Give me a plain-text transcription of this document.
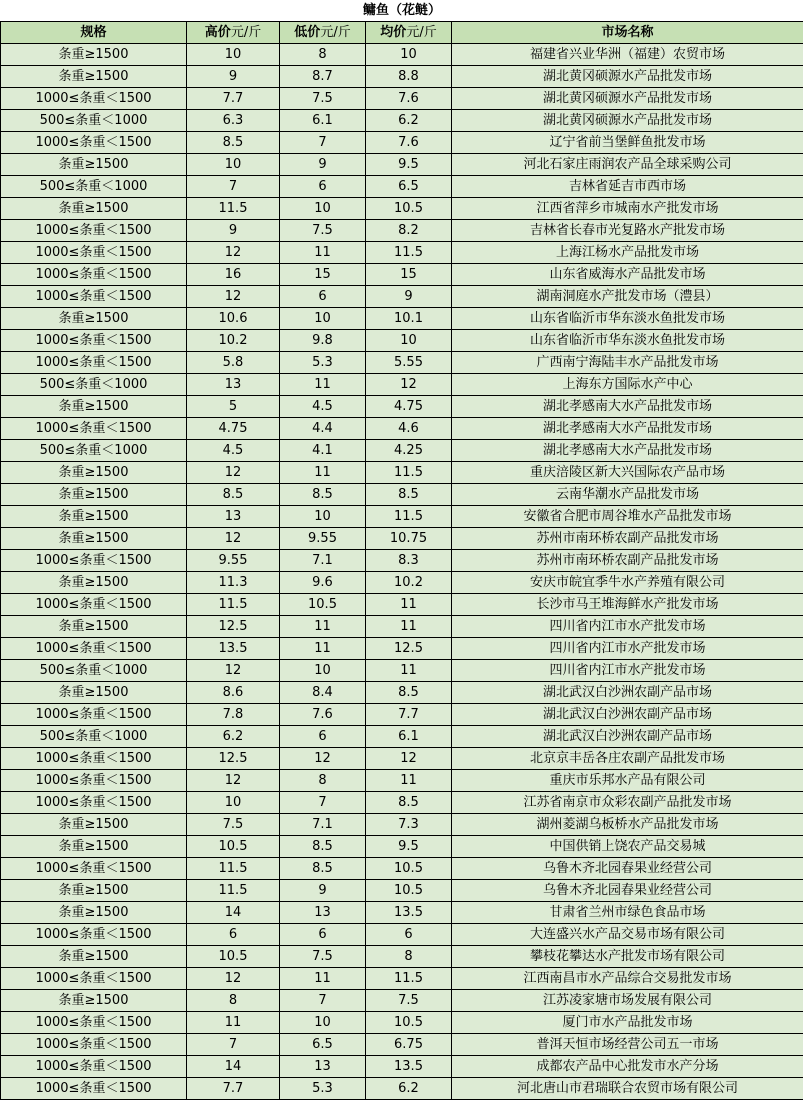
鳙鱼（花鲢）				
规格	高价元/斤	低价元/斤	均价元/斤	市场名称
条重≥1500	10	8	10	福建省兴业华洲（福建）农贸市场
条重≥1500	9	8.7	8.8	湖北黄冈硕源水产品批发市场
1000≤条重＜1500	7.7	7.5	7.6	湖北黄冈硕源水产品批发市场
500≤条重＜1000	6.3	6.1	6.2	湖北黄冈硕源水产品批发市场
1000≤条重＜1500	8.5	7	7.6	辽宁省前当堡鲜鱼批发市场
条重≥1500	10	9	9.5	河北石家庄雨润农产品全球采购公司
500≤条重＜1000	7	6	6.5	吉林省延吉市西市场
条重≥1500	11.5	10	10.5	江西省萍乡市城南水产批发市场
1000≤条重＜1500	9	7.5	8.2	吉林省长春市光复路水产批发市场
1000≤条重＜1500	12	11	11.5	上海江杨水产品批发市场
1000≤条重＜1500	16	15	15	山东省威海水产品批发市场
1000≤条重＜1500	12	6	9	湖南洞庭水产批发市场（澧县）
条重≥1500	10.6	10	10.1	山东省临沂市华东淡水鱼批发市场
1000≤条重＜1500	10.2	9.8	10	山东省临沂市华东淡水鱼批发市场
1000≤条重＜1500	5.8	5.3	5.55	广西南宁海陆丰水产品批发市场
500≤条重＜1000	13	11	12	上海东方国际水产中心
条重≥1500	5	4.5	4.75	湖北孝感南大水产品批发市场
1000≤条重＜1500	4.75	4.4	4.6	湖北孝感南大水产品批发市场
500≤条重＜1000	4.5	4.1	4.25	湖北孝感南大水产品批发市场
条重≥1500	12	11	11.5	重庆涪陵区新大兴国际农产品市场
条重≥1500	8.5	8.5	8.5	云南华潮水产品批发市场
条重≥1500	13	10	11.5	安徽省合肥市周谷堆水产品批发市场
条重≥1500	12	9.55	10.75	苏州市南环桥农副产品批发市场
1000≤条重＜1500	9.55	7.1	8.3	苏州市南环桥农副产品批发市场
条重≥1500	11.3	9.6	10.2	安庆市皖宜季牛水产养殖有限公司
1000≤条重＜1500	11.5	10.5	11	长沙市马王堆海鲜水产批发市场
条重≥1500	12.5	11	11	四川省内江市水产批发市场
1000≤条重＜1500	13.5	11	12.5	四川省内江市水产批发市场
500≤条重＜1000	12	10	11	四川省内江市水产批发市场
条重≥1500	8.6	8.4	8.5	湖北武汉白沙洲农副产品市场
1000≤条重＜1500	7.8	7.6	7.7	湖北武汉白沙洲农副产品市场
500≤条重＜1000	6.2	6	6.1	湖北武汉白沙洲农副产品市场
1000≤条重＜1500	12.5	12	12	北京京丰岳各庄农副产品批发市场
1000≤条重＜1500	12	8	11	重庆市乐邦水产品有限公司
1000≤条重＜1500	10	7	8.5	江苏省南京市众彩农副产品批发市场
条重≥1500	7.5	7.1	7.3	湖州菱湖乌板桥水产品批发市场
条重≥1500	10.5	8.5	9.5	中国供销上饶农产品交易城
1000≤条重＜1500	11.5	8.5	10.5	乌鲁木齐北园春果业经营公司
条重≥1500	11.5	9	10.5	乌鲁木齐北园春果业经营公司
条重≥1500	14	13	13.5	甘肃省兰州市绿色食品市场
1000≤条重＜1500	6	6	6	大连盛兴水产品交易市场有限公司
条重≥1500	10.5	7.5	8	攀枝花攀达水产批发市场有限公司
1000≤条重＜1500	12	11	11.5	江西南昌市水产品综合交易批发市场
条重≥1500	8	7	7.5	江苏凌家塘市场发展有限公司
1000≤条重＜1500	11	10	10.5	厦门市水产品批发市场
1000≤条重＜1500	7	6.5	6.75	普洱天恒市场经营公司五一市场
1000≤条重＜1500	14	13	13.5	成都农产品中心批发市水产分场
1000≤条重＜1500	7.7	5.3	6.2	河北唐山市君瑞联合农贸市场有限公司
